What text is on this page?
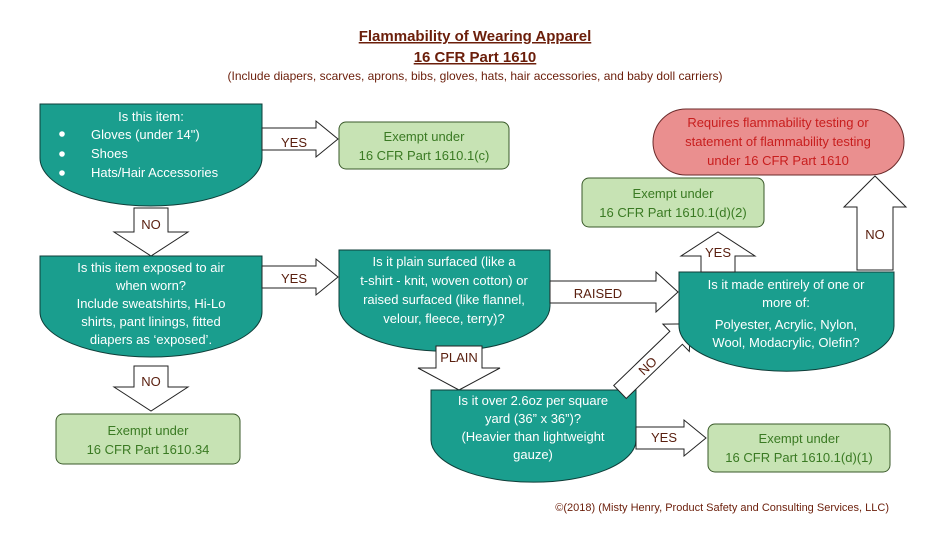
Flammability of Wearing Apparel
16 CFR Part 1610
(Include diapers, scarves, aprons, bibs, gloves, hats, hair accessories, and baby doll carriers)
Is this item:
Gloves (under 14")
Shoes
Hats/Hair Accessories
YES	Exempt under
16 CFR Part 1610.1(c)
NO
Is this item exposed to air
when worn?
Include sweatshirts, Hi-Lo
shirts, pant linings, fitted
diapers as ‘exposed’.
YES
NO
Exempt under
16 CFR Part 1610.34
Is it plain surfaced (like a
t-shirt - knit, woven cotton) or
raised surfaced (like flannel,
velour, fleece, terry)?
RAISED
PLAIN
Is it over 2.6oz per square
yard (36” x 36”)?
(Heavier than lightweight
gauze)
YES
NO
Exempt under
16 CFR Part 1610.1(d)(1)
Is it made entirely of one or
more of:
Polyester, Acrylic, Nylon,
Wool, Modacrylic, Olefin?
YES
Exempt under
16 CFR Part 1610.1(d)(2)
NO
Requires flammability testing or
statement of flammability testing
under 16 CFR Part 1610
©(2018) (Misty Henry, Product Safety and Consulting Services, LLC)
